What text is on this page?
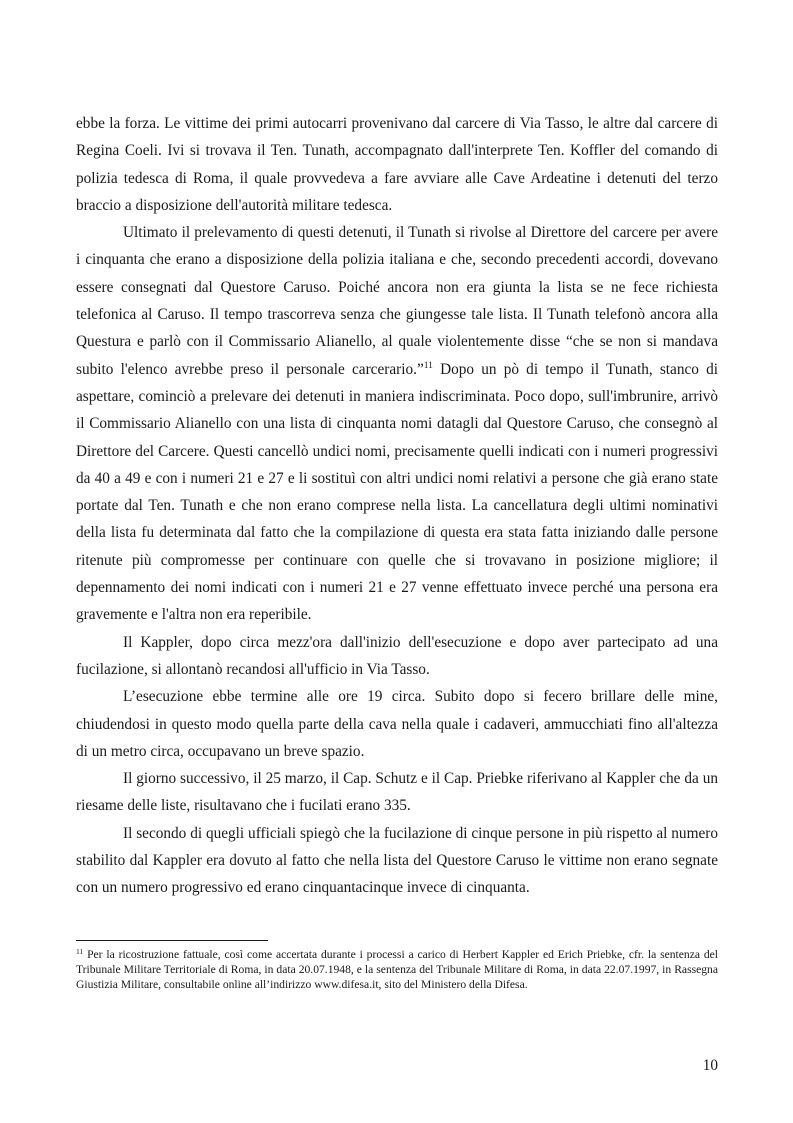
ebbe la forza. Le vittime dei primi autocarri provenivano dal carcere di Via Tasso, le altre dal carcere di Regina Coeli. Ivi si trovava il Ten. Tunath, accompagnato dall'interprete Ten. Koffler del comando di polizia tedesca di Roma, il quale provvedeva a fare avviare alle Cave Ardeatine i detenuti del terzo braccio a disposizione dell'autorità militare tedesca.

Ultimato il prelevamento di questi detenuti, il Tunath si rivolse al Direttore del carcere per avere i cinquanta che erano a disposizione della polizia italiana e che, secondo precedenti accordi, dovevano essere consegnati dal Questore Caruso. Poiché ancora non era giunta la lista se ne fece richiesta telefonica al Caruso. Il tempo trascorreva senza che giungesse tale lista. Il Tunath telefonò ancora alla Questura e parlò con il Commissario Alianello, al quale violentemente disse “che se non si mandava subito l'elenco avrebbe preso il personale carcerario.”$^{11}$ Dopo un pò di tempo il Tunath, stanco di aspettare, cominciò a prelevare dei detenuti in maniera indiscriminata. Poco dopo, sull'imbrunire, arrivò il Commissario Alianello con una lista di cinquanta nomi datagli dal Questore Caruso, che consegnò al Direttore del Carcere. Questi cancellò undici nomi, precisamente quelli indicati con i numeri progressivi da 40 a 49 e con i numeri 21 e 27 e li sostituì con altri undici nomi relativi a persone che già erano state portate dal Ten. Tunath e che non erano comprese nella lista. La cancellatura degli ultimi nominativi della lista fu determinata dal fatto che la compilazione di questa era stata fatta iniziando dalle persone ritenute più compromesse per continuare con quelle che si trovavano in posizione migliore; il depennamento dei nomi indicati con i numeri 21 e 27 venne effettuato invece perché una persona era gravemente e l'altra non era reperibile.

Il Kappler, dopo circa mezz'ora dall'inizio dell'esecuzione e dopo aver partecipato ad una fucilazione, si allontanò recandosi all'ufficio in Via Tasso.

L’esecuzione ebbe termine alle ore 19 circa. Subito dopo si fecero brillare delle mine, chiudendosi in questo modo quella parte della cava nella quale i cadaveri, ammucchiati fino all'altezza di un metro circa, occupavano un breve spazio.

Il giorno successivo, il 25 marzo, il Cap. Schutz e il Cap. Priebke riferivano al Kappler che da un riesame delle liste, risultavano che i fucilati erano 335.

Il secondo di quegli ufficiali spiegò che la fucilazione di cinque persone in più rispetto al numero stabilito dal Kappler era dovuto al fatto che nella lista del Questore Caruso le vittime non erano segnate con un numero progressivo ed erano cinquantacinque invece di cinquanta.

$^{11}$ Per la ricostruzione fattuale, così come accertata durante i processi a carico di Herbert Kappler ed Erich Priebke, cfr. la sentenza del Tribunale Militare Territoriale di Roma, in data 20.07.1948, e la sentenza del Tribunale Militare di Roma, in data 22.07.1997, in Rassegna Giustizia Militare, consultabile online all’indirizzo www.difesa.it, sito del Ministero della Difesa.

10
